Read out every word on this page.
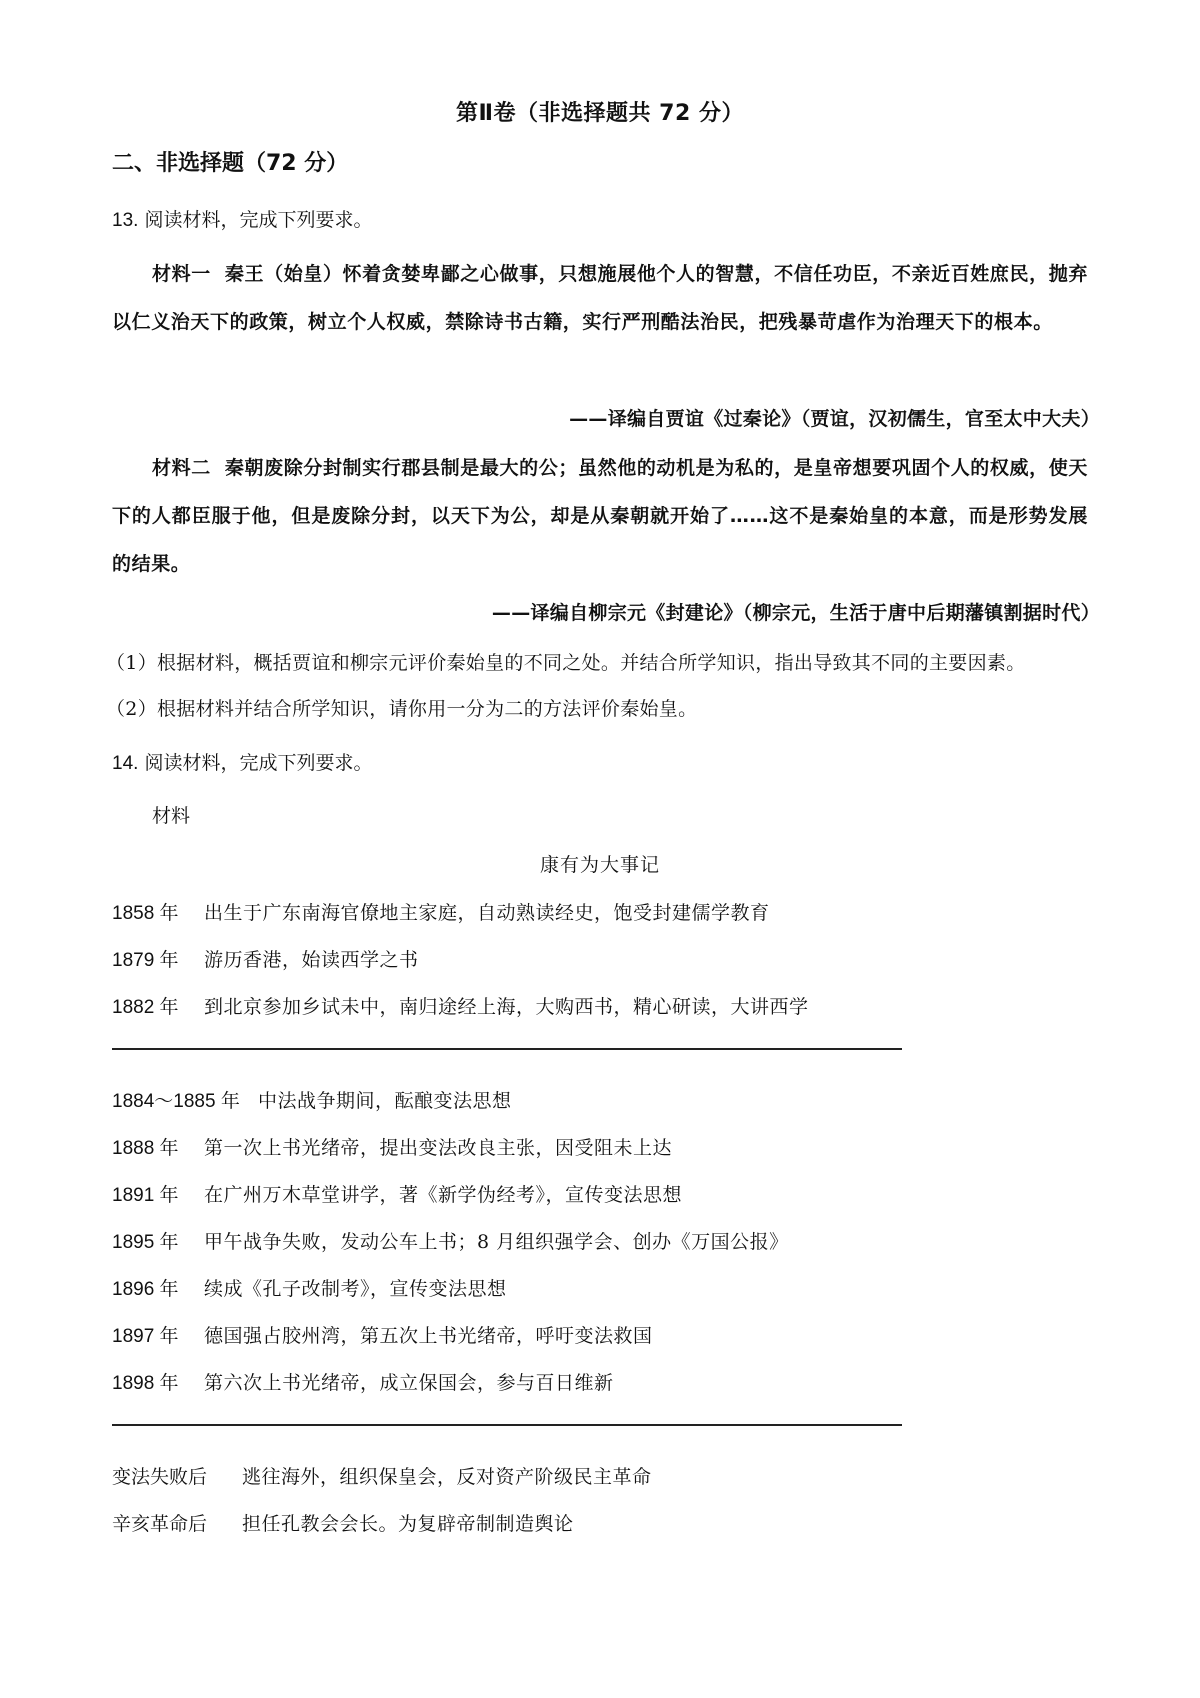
第Ⅱ卷（非选择题共 72 分）
二、非选择题（72 分）
13. 阅读材料，完成下列要求。
材料一 秦王（始皇）怀着贪婪卑鄙之心做事，只想施展他个人的智慧，不信任功臣，不亲近百姓庶民，抛弃以仁义治天下的政策，树立个人权威，禁除诗书古籍，实行严刑酷法治民，把残暴苛虐作为治理天下的根本。
——译编自贾谊《过秦论》（贾谊，汉初儒生，官至太中大夫）
材料二 秦朝废除分封制实行郡县制是最大的公；虽然他的动机是为私的，是皇帝想要巩固个人的权威，使天下的人都臣服于他，但是废除分封，以天下为公，却是从秦朝就开始了……这不是秦始皇的本意，而是形势发展的结果。
——译编自柳宗元《封建论》（柳宗元，生活于唐中后期藩镇割据时代）
（1）根据材料，概括贾谊和柳宗元评价秦始皇的不同之处。并结合所学知识，指出导致其不同的主要因素。
（2）根据材料并结合所学知识，请你用一分为二的方法评价秦始皇。
14. 阅读材料，完成下列要求。
材料
康有为大事记
1858 年 出生于广东南海官僚地主家庭，自动熟读经史，饱受封建儒学教育
1879 年 游历香港，始读西学之书
1882 年 到北京参加乡试未中，南归途经上海，大购西书，精心研读，大讲西学
1884～1885 年 中法战争期间，酝酿变法思想
1888 年 第一次上书光绪帝，提出变法改良主张，因受阻未上达
1891 年 在广州万木草堂讲学，著《新学伪经考》，宣传变法思想
1895 年 甲午战争失败，发动公车上书；8 月组织强学会、创办《万国公报》
1896 年 续成《孔子改制考》，宣传变法思想
1897 年 德国强占胶州湾，第五次上书光绪帝，呼吁变法救国
1898 年 第六次上书光绪帝，成立保国会，参与百日维新
变法失败后 逃往海外，组织保皇会，反对资产阶级民主革命
辛亥革命后 担任孔教会会长。为复辟帝制制造舆论
